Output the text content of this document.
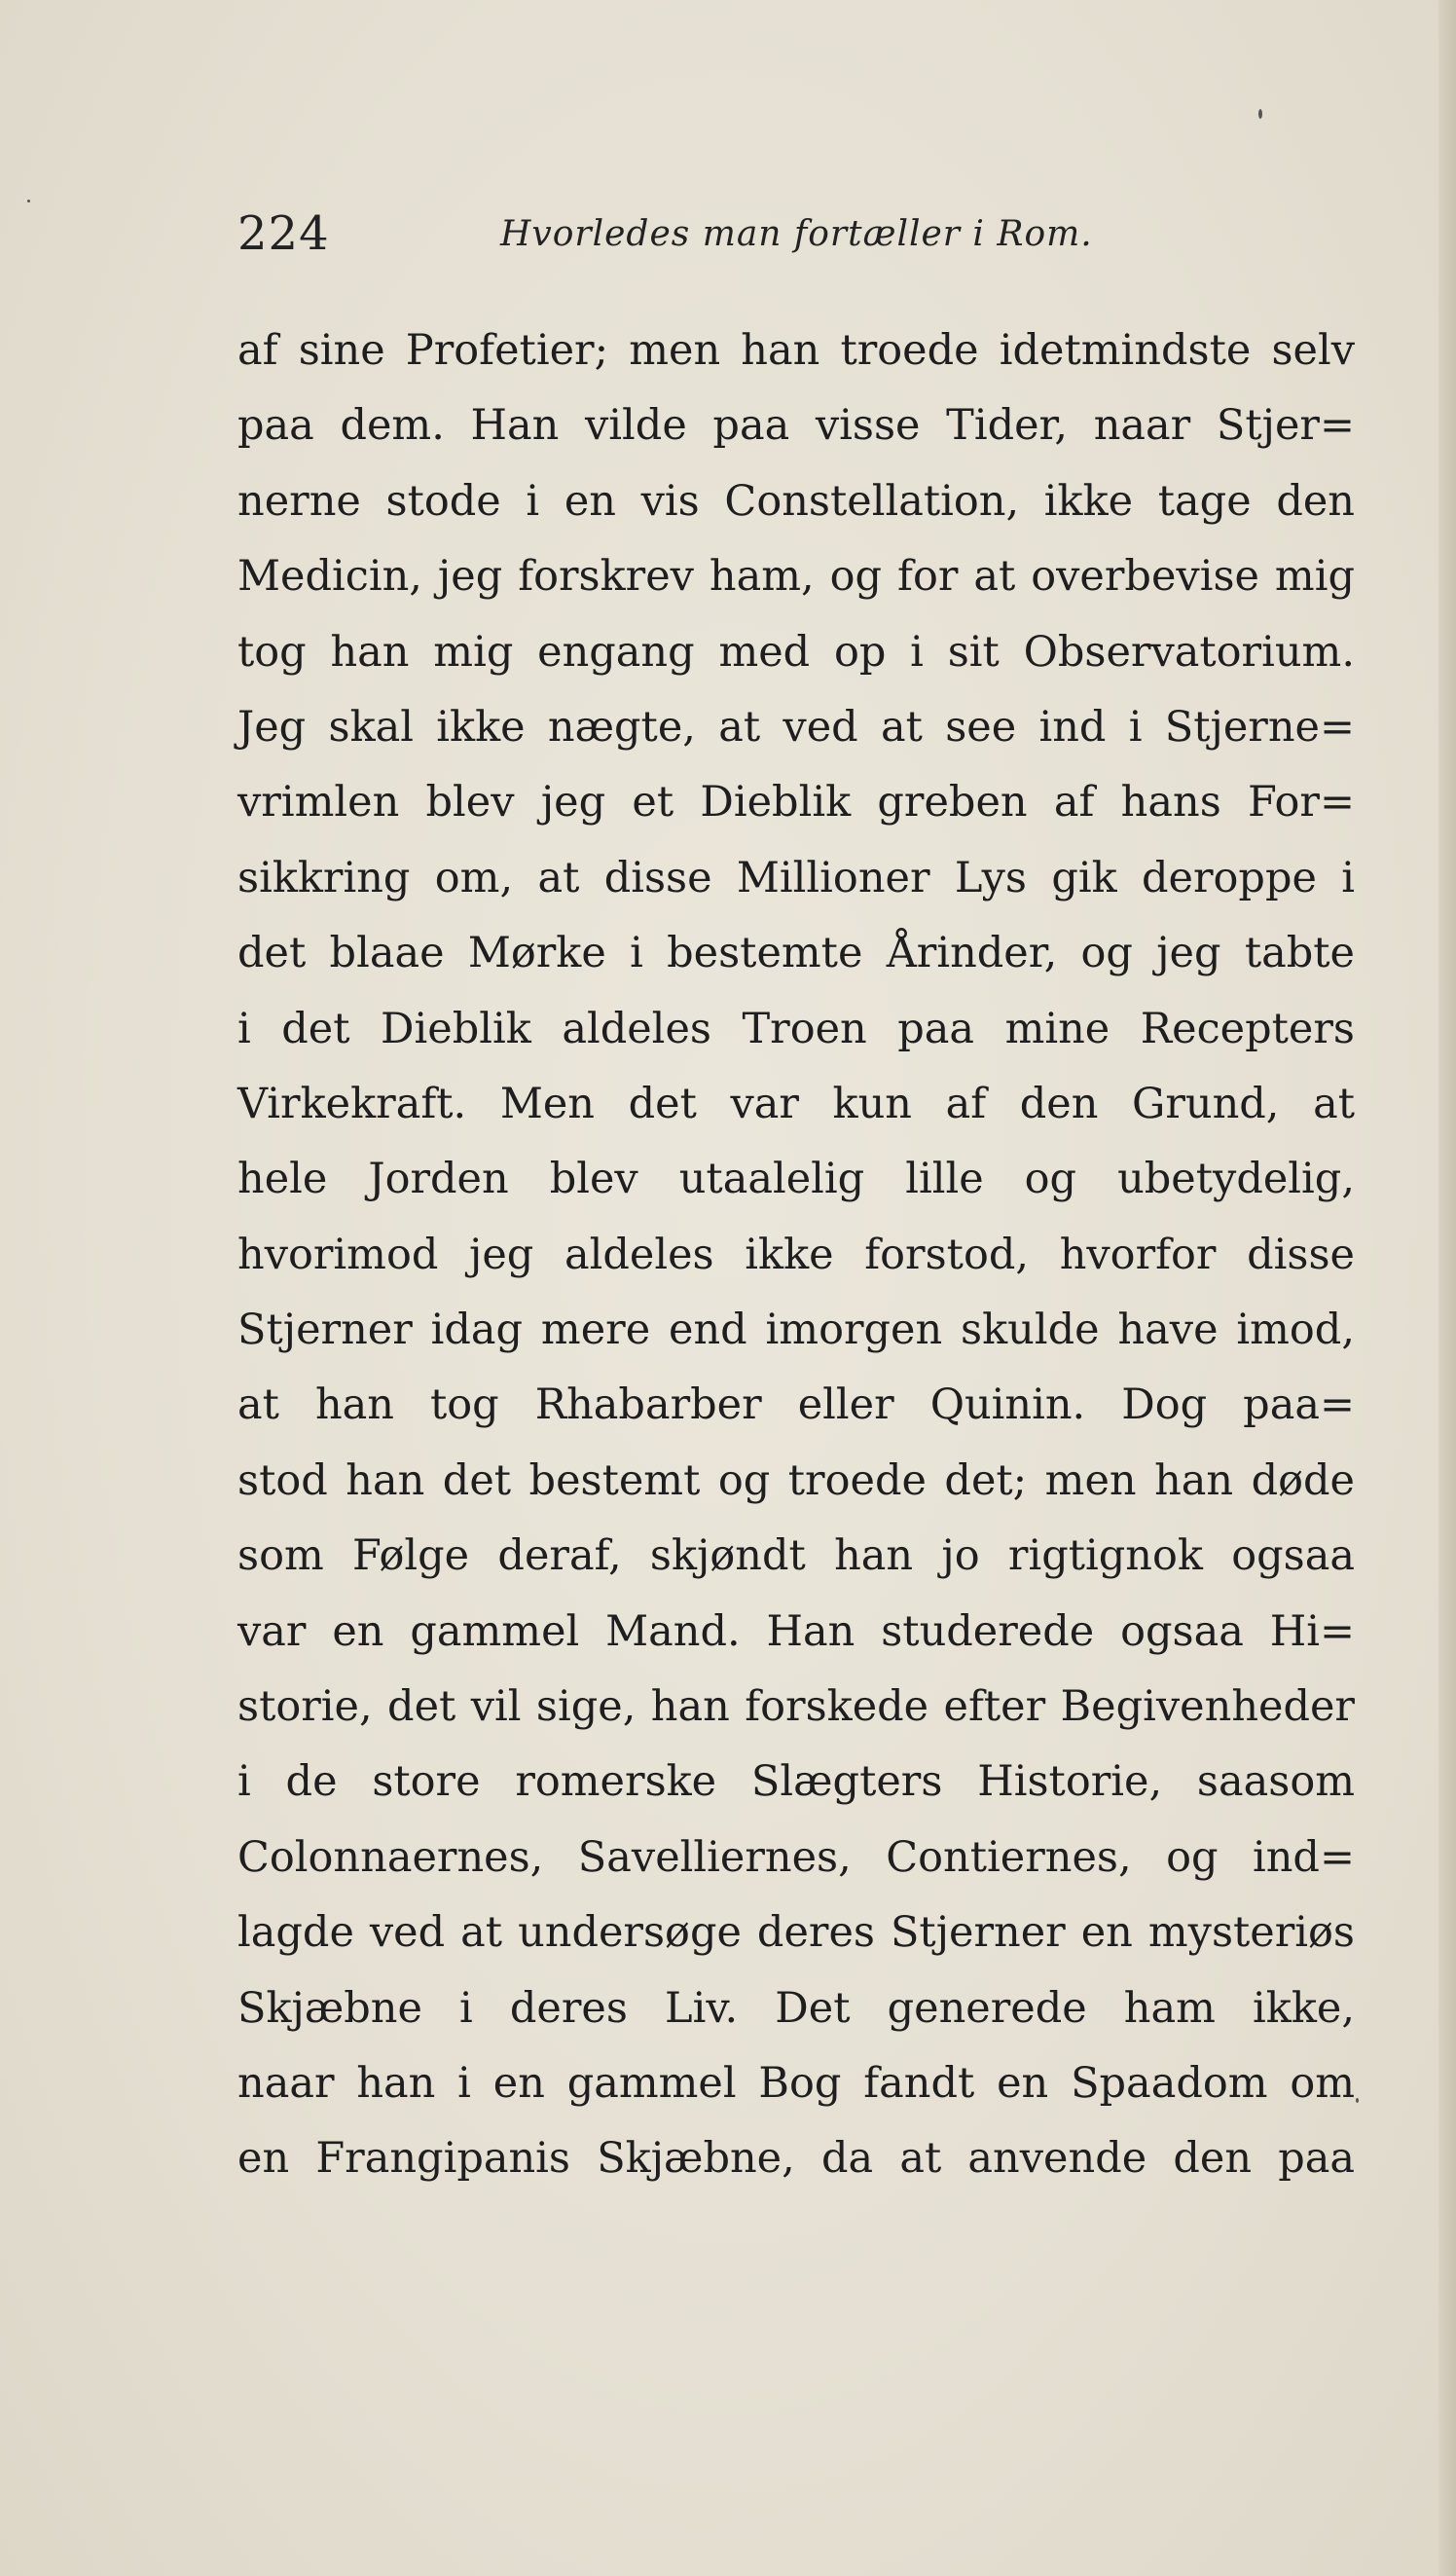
224	Hvorledes man fortæller i Rom.
af sine Profetier; men han troede idetmindste selv
paa dem. Han vilde paa visse Tider, naar Stjer=
nerne stode i en vis Constellation, ikke tage den
Medicin, jeg forskrev ham, og for at overbevise mig
tog han mig engang med op i sit Observatorium.
Jeg skal ikke nægte, at ved at see ind i Stjerne=
vrimlen blev jeg et Dieblik greben af hans For=
sikkring om, at disse Millioner Lys gik deroppe i
det blaae Mørke i bestemte Årinder, og jeg tabte
i det Dieblik aldeles Troen paa mine Recepters
Virkekraft. Men det var kun af den Grund, at
hele Jorden blev utaalelig lille og ubetydelig,
hvorimod jeg aldeles ikke forstod, hvorfor disse
Stjerner idag mere end imorgen skulde have imod,
at han tog Rhabarber eller Quinin. Dog paa=
stod han det bestemt og troede det; men han døde
som Følge deraf, skjøndt han jo rigtignok ogsaa
var en gammel Mand. Han studerede ogsaa Hi=
storie, det vil sige, han forskede efter Begivenheder
i de store romerske Slægters Historie, saasom
Colonnaernes, Savelliernes, Contiernes, og ind=
lagde ved at undersøge deres Stjerner en mysteriøs
Skjæbne i deres Liv. Det generede ham ikke,
naar han i en gammel Bog fandt en Spaadom om
en Frangipanis Skjæbne, da at anvende den paa
